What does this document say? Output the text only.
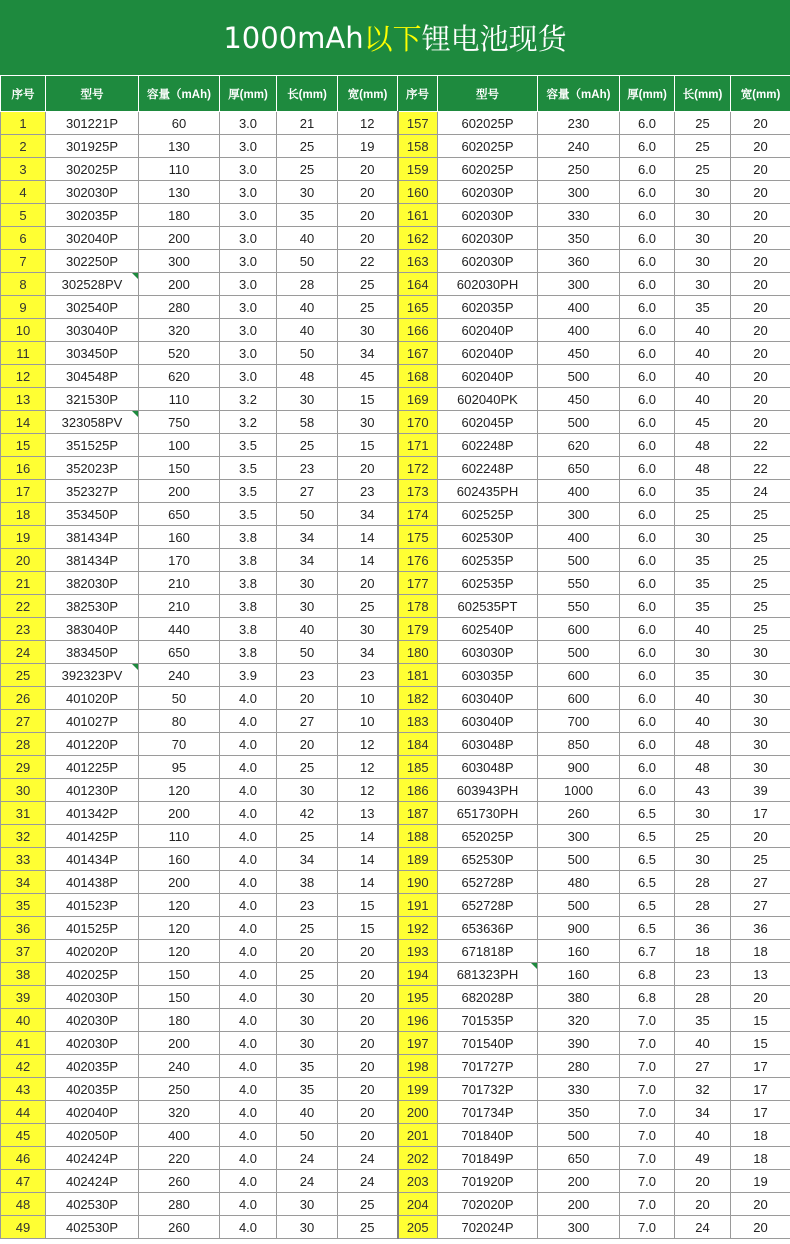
1000mAh 以下 锂电池现货
序号	型号	容量（mAh)	厚(mm)	长(mm)	宽(mm)	序号	型号	容量（mAh)	厚(mm)	长(mm)	宽(mm)
1	301221P	60	3.0	21	12	157	602025P	230	6.0	25	20
2	301925P	130	3.0	25	19	158	602025P	240	6.0	25	20
3	302025P	110	3.0	25	20	159	602025P	250	6.0	25	20
4	302030P	130	3.0	30	20	160	602030P	300	6.0	30	20
5	302035P	180	3.0	35	20	161	602030P	330	6.0	30	20
6	302040P	200	3.0	40	20	162	602030P	350	6.0	30	20
7	302250P	300	3.0	50	22	163	602030P	360	6.0	30	20
8	302528PV	200	3.0	28	25	164	602030PH	300	6.0	30	20
9	302540P	280	3.0	40	25	165	602035P	400	6.0	35	20
10	303040P	320	3.0	40	30	166	602040P	400	6.0	40	20
11	303450P	520	3.0	50	34	167	602040P	450	6.0	40	20
12	304548P	620	3.0	48	45	168	602040P	500	6.0	40	20
13	321530P	110	3.2	30	15	169	602040PK	450	6.0	40	20
14	323058PV	750	3.2	58	30	170	602045P	500	6.0	45	20
15	351525P	100	3.5	25	15	171	602248P	620	6.0	48	22
16	352023P	150	3.5	23	20	172	602248P	650	6.0	48	22
17	352327P	200	3.5	27	23	173	602435PH	400	6.0	35	24
18	353450P	650	3.5	50	34	174	602525P	300	6.0	25	25
19	381434P	160	3.8	34	14	175	602530P	400	6.0	30	25
20	381434P	170	3.8	34	14	176	602535P	500	6.0	35	25
21	382030P	210	3.8	30	20	177	602535P	550	6.0	35	25
22	382530P	210	3.8	30	25	178	602535PT	550	6.0	35	25
23	383040P	440	3.8	40	30	179	602540P	600	6.0	40	25
24	383450P	650	3.8	50	34	180	603030P	500	6.0	30	30
25	392323PV	240	3.9	23	23	181	603035P	600	6.0	35	30
26	401020P	50	4.0	20	10	182	603040P	600	6.0	40	30
27	401027P	80	4.0	27	10	183	603040P	700	6.0	40	30
28	401220P	70	4.0	20	12	184	603048P	850	6.0	48	30
29	401225P	95	4.0	25	12	185	603048P	900	6.0	48	30
30	401230P	120	4.0	30	12	186	603943PH	1000	6.0	43	39
31	401342P	200	4.0	42	13	187	651730PH	260	6.5	30	17
32	401425P	110	4.0	25	14	188	652025P	300	6.5	25	20
33	401434P	160	4.0	34	14	189	652530P	500	6.5	30	25
34	401438P	200	4.0	38	14	190	652728P	480	6.5	28	27
35	401523P	120	4.0	23	15	191	652728P	500	6.5	28	27
36	401525P	120	4.0	25	15	192	653636P	900	6.5	36	36
37	402020P	120	4.0	20	20	193	671818P	160	6.7	18	18
38	402025P	150	4.0	25	20	194	681323PH	160	6.8	23	13
39	402030P	150	4.0	30	20	195	682028P	380	6.8	28	20
40	402030P	180	4.0	30	20	196	701535P	320	7.0	35	15
41	402030P	200	4.0	30	20	197	701540P	390	7.0	40	15
42	402035P	240	4.0	35	20	198	701727P	280	7.0	27	17
43	402035P	250	4.0	35	20	199	701732P	330	7.0	32	17
44	402040P	320	4.0	40	20	200	701734P	350	7.0	34	17
45	402050P	400	4.0	50	20	201	701840P	500	7.0	40	18
46	402424P	220	4.0	24	24	202	701849P	650	7.0	49	18
47	402424P	260	4.0	24	24	203	701920P	200	7.0	20	19
48	402530P	280	4.0	30	25	204	702020P	200	7.0	20	20
49	402530P	260	4.0	30	25	205	702024P	300	7.0	24	20
